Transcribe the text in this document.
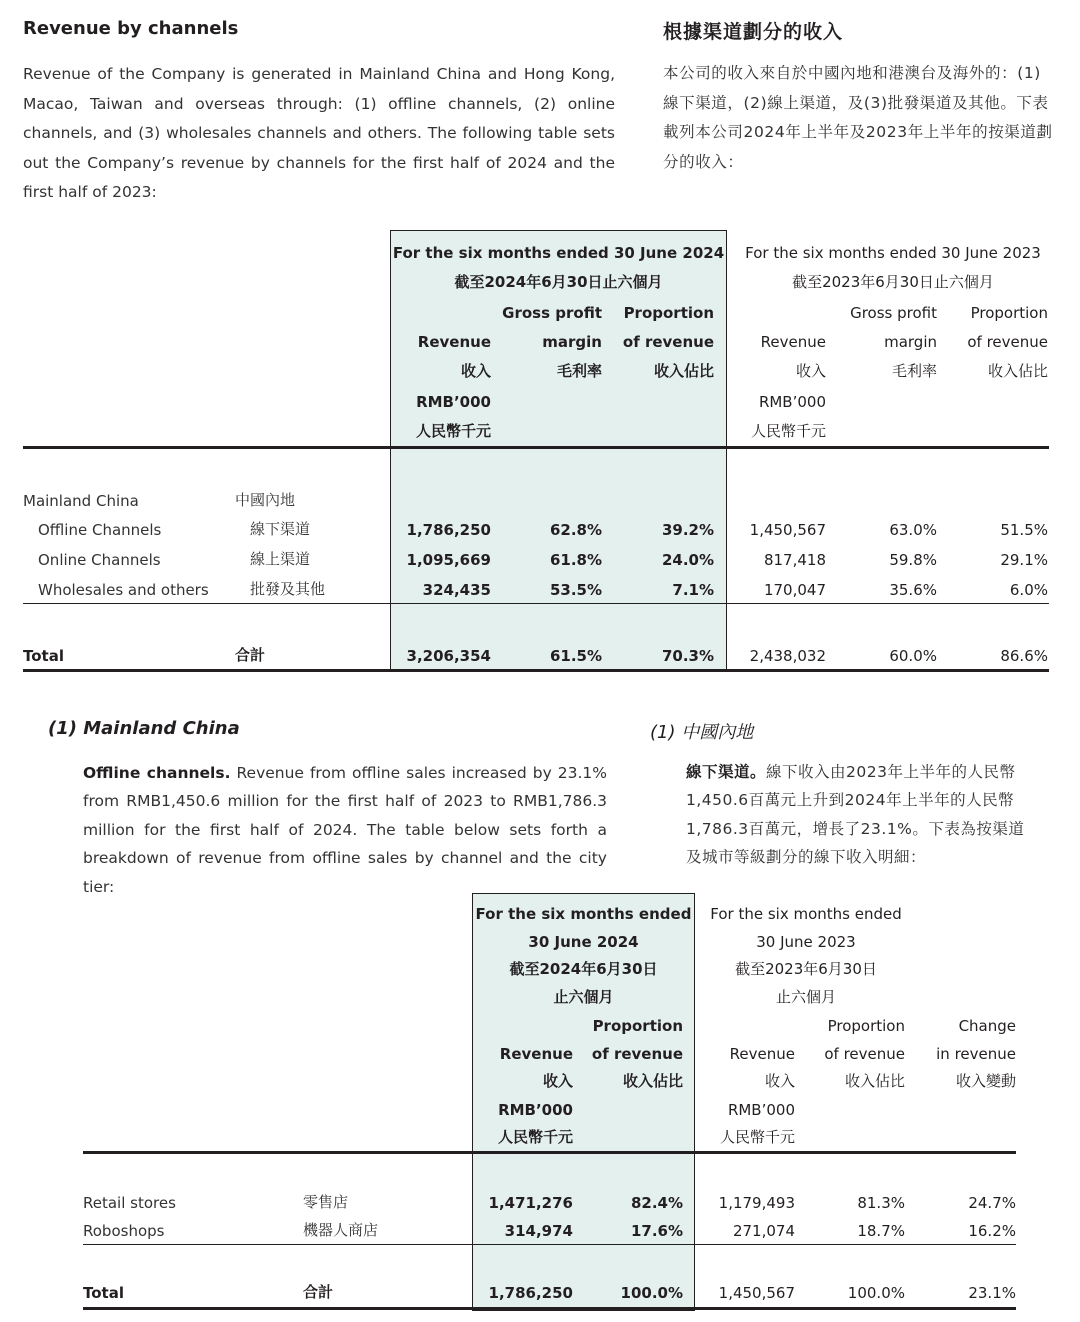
Revenue by channels	根據渠道劃分的收入
Revenue of the Company is generated in Mainland China and Hong Kong, Macao, Taiwan and overseas through: (1) offline channels, (2) online channels, and (3) wholesales channels and others. The following table sets out the Company’s revenue by channels for the first half of 2024 and the first half of 2023:
本公司的收入來自於中國內地和港澳台及海外的：(1)線下渠道，(2)線上渠道，及(3)批發渠道及其他。下表載列本公司2024年上半年及2023年上半年的按渠道劃分的收入：
For the six months ended 30 June 2024
截至2024年6月30日止六個月
Gross profit	Proportion
Revenue	margin	of revenue
收入	毛利率	收入佔比
RMB’000
人民幣千元
For the six months ended 30 June 2023
截至2023年6月30日止六個月
Gross profit	Proportion
Revenue	margin	of revenue
收入	毛利率	收入佔比
RMB’000
人民幣千元
Mainland China	中國內地
Offline Channels	線下渠道	1,786,250	62.8%	39.2%	1,450,567	63.0%	51.5%
Online Channels	線上渠道	1,095,669	61.8%	24.0%	817,418	59.8%	29.1%
Wholesales and others	批發及其他	324,435	53.5%	7.1%	170,047	35.6%	6.0%
Total	合計	3,206,354	61.5%	70.3%	2,438,032	60.0%	86.6%
(1) Mainland China	(1) 中國內地
Offline channels. Revenue from offline sales increased by 23.1% from RMB1,450.6 million for the first half of 2023 to RMB1,786.3 million for the first half of 2024. The table below sets forth a breakdown of revenue from offline sales by channel and the city tier:
線下渠道。線下收入由2023年上半年的人民幣1,450.6百萬元上升到2024年上半年的人民幣1,786.3百萬元，增長了23.1%。下表為按渠道及城市等級劃分的線下收入明細：
For the six months ended
30 June 2024
截至2024年6月30日
止六個月
Proportion
Revenue	of revenue
收入	收入佔比
RMB’000
人民幣千元
For the six months ended
30 June 2023
截至2023年6月30日
止六個月
Proportion	Change
Revenue	of revenue	in revenue
收入	收入佔比	收入變動
RMB’000
人民幣千元
Retail stores	零售店	1,471,276	82.4%	1,179,493	81.3%	24.7%
Roboshops	機器人商店	314,974	17.6%	271,074	18.7%	16.2%
Total	合計	1,786,250	100.0%	1,450,567	100.0%	23.1%
